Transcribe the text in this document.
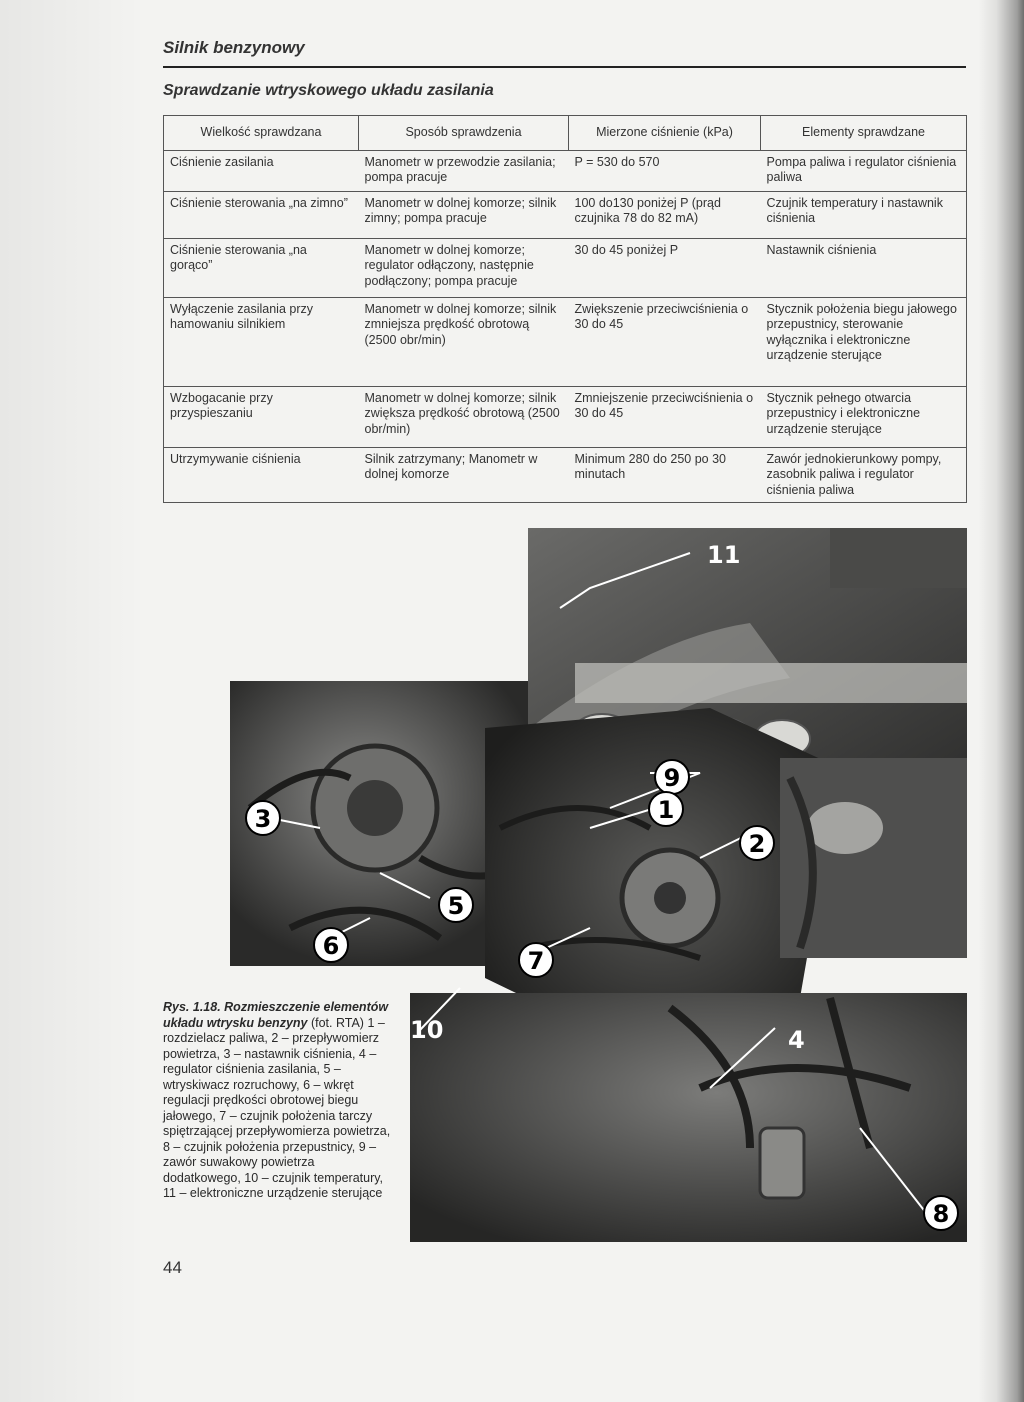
Silnik benzynowy
Sprawdzanie wtryskowego układu zasilania
Wielkość sprawdzana	Sposób sprawdzenia	Mierzone ciśnienie (kPa)	Elementy sprawdzane
Ciśnienie zasilania	Manometr w przewodzie zasilania; pompa pracuje	P = 530 do 570	Pompa paliwa i regulator ciśnienia paliwa
Ciśnienie sterowania „na zimno”	Manometr w dolnej komorze; silnik zimny; pompa pracuje	100 do130 poniżej P (prąd czujnika 78 do 82 mA)	Czujnik temperatury i nastawnik ciśnienia
Ciśnienie sterowania „na gorąco”	Manometr w dolnej komorze; regulator odłączony, następnie podłączony; pompa pracuje	30 do 45 poniżej P	Nastawnik ciśnienia
Wyłączenie zasilania przy hamowaniu silnikiem	Manometr w dolnej komorze; silnik zmniejsza prędkość obrotową (2500 obr/min)	Zwiększenie przeciwciśnienia o 30 do 45	Stycznik położenia biegu jałowego przepustnicy, sterowanie wyłącznika i elektroniczne urządzenie sterujące
Wzbogacanie przy przyspieszaniu	Manometr w dolnej komorze; silnik zwiększa prędkość obrotową (2500 obr/min)	Zmniejszenie przeciwciśnienia o 30 do 45	Stycznik pełnego otwarcia przepustnicy i elektroniczne urządzenie sterujące
Utrzymywanie ciśnienia	Silnik zatrzymany; Manometr w dolnej komorze	Minimum 280 do 250 po 30 minutach	Zawór jednokierunkowy pompy, zasobnik paliwa i regulator ciśnienia paliwa
11
9
1
2
3
5
6
7
10	4
8
Rys. 1.18. Rozmieszczenie elementów układu wtrysku benzyny (fot. RTA) 1 – rozdzielacz paliwa, 2 – przepływomierz powietrza, 3 – nastawnik ciśnienia, 4 – regulator ciśnienia zasilania, 5 – wtryskiwacz rozruchowy, 6 – wkręt regulacji prędkości obrotowej biegu jałowego, 7 – czujnik położenia tarczy spiętrzającej przepływomierza powietrza, 8 – czujnik położenia przepustnicy, 9 – zawór suwakowy powietrza dodatkowego, 10 – czujnik temperatury, 11 – elektroniczne urządzenie sterujące
44
